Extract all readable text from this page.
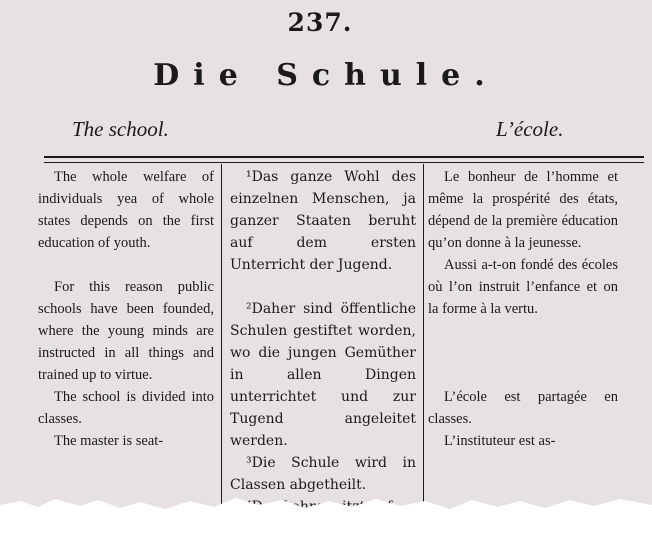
237.
Die Schule.
The school.	L’école.

The whole welfare of individuals yea of whole states depends on the first education of youth.

For this reason public schools have been founded, where the young minds are instructed in all things and trained up to virtue.

The school is divided into classes.

The master is seat-

¹Das ganze Wohl des einzelnen Menschen, ja ganzer Staaten beruht auf dem ersten Unterricht der Jugend.

²Daher sind öffentliche Schulen gestiftet worden, wo die jungen Gemüther in allen Dingen unterrichtet und zur Tugend angeleitet werden.

³Die Schule wird in Classen abgetheilt.

Le bonheur de l’homme et même la prospérité des états, dépend de la première éducation qu’on donne à la jeunesse.

Aussi a-t-on fondé des écoles où l’on instruit l’enfance et on la forme à la vertu.

L’école est partagée en classes.

L’instituteur est as-
